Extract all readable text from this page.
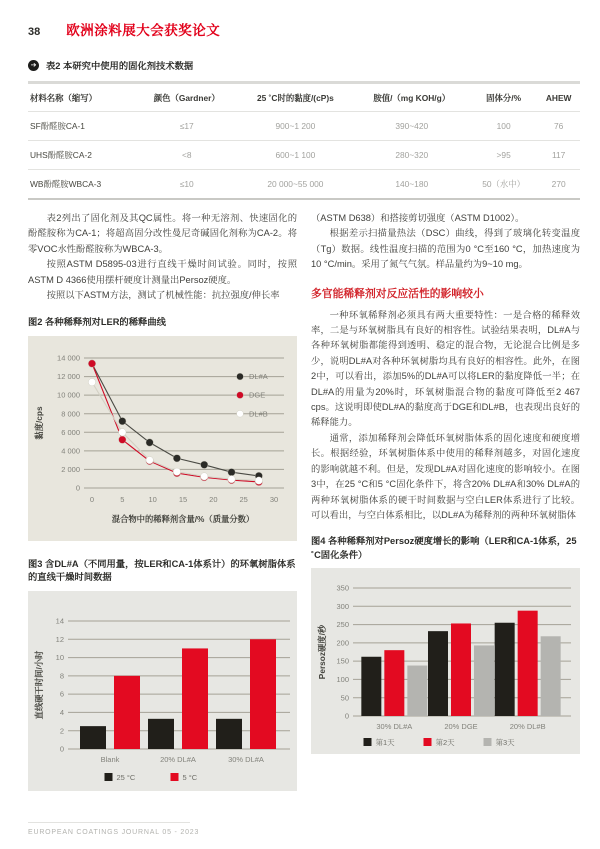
38 欧洲涂料展大会获奖论文
➔ 表2 本研究中使用的固化剂技术数据
材料名称（缩写）	颜色（Gardner）	25 ˚C时的黏度/(cP)s	胺值/（mg KOH/g）	固体分/%	AHEW
SF酚醛胺CA-1	≤17	900~1 200	390~420	100	76
UHS酚醛胺CA-2	<8	600~1 100	280~320	>95	117
WB酚醛胺WBCA-3	≤10	20 000~55 000	140~180	50（水中）	270

表2列出了固化剂及其QC属性。将一种无溶剂、快速固化的酚醛胺称为CA-1；将超高固分改性曼尼奇碱固化剂称为CA-2。将零VOC水性酚醛胺称为WBCA-3。

按照ASTM D5895-03进行直线干燥时间试验。同时，按照ASTM D 4366使用摆杆硬度计测量出Persoz硬度。

按照以下ASTM方法，测试了机械性能：抗拉强度/伸长率

图2 各种稀释剂对LER的稀释曲线
0
2 000
4 000
6 000
8 000
10 000
12 000
14 000
黏度/cps
0	5	10	15	20	25	30
混合物中的稀释剂含量/%（质量分数）
DL#A
DGE
DL#B
图3 含DL#A（不同用量，按LER和CA-1体系计）的环氧树脂体系的直线干燥时间数据
0
2
4
6
8
10
12
14
直线硬干时间/小时
Blank	20% DL#A	30% DL#A
25 °C	5 °C

（ASTM D638）和搭接剪切强度（ASTM D1002）。

根据差示扫描量热法（DSC）曲线，得到了玻璃化转变温度（Tg）数据。线性温度扫描的范围为0 °C至160 °C，加热速度为10 °C/min。采用了氮气气氛。样品量约为9~10 mg。

多官能稀释剂对反应活性的影响较小

一种环氧稀释剂必须具有两大重要特性：一是合格的稀释效率，二是与环氧树脂具有良好的相容性。试验结果表明，DL#A与各种环氧树脂都能得到透明、稳定的混合物，无论混合比例是多少，说明DL#A对各种环氧树脂均具有良好的相容性。此外，在图2中，可以看出，添加5%的DL#A可以将LER的黏度降低一半；在DL#A的用量为20%时，环氧树脂混合物的黏度可降低至2 467 cps。这说明即使DL#A的黏度高于DGE和DL#B，也表现出良好的稀释能力。

通常，添加稀释剂会降低环氧树脂体系的固化速度和硬度增长。根据经验，环氧树脂体系中使用的稀释剂越多，对固化速度的影响就越不利。但是，发现DL#A对固化速度的影响较小。在图3中，在25 °C和5 °C固化条件下，将含20% DL#A和30% DL#A的两种环氧树脂体系的硬干时间数据与空白LER体系进行了比较。可以看出，与空白体系相比，以DL#A为稀释剂的两种环氧树脂体

图4 各种稀释剂对Persoz硬度增长的影响（LER和CA-1体系，25 ˚C固化条件）
0
50
100
150
200
250
300
350
Persoz硬度/秒
30% DL#A	20% DGE	20% DL#B
第1天	第2天	第3天
EUROPEAN COATINGS JOURNAL 05 - 2023
